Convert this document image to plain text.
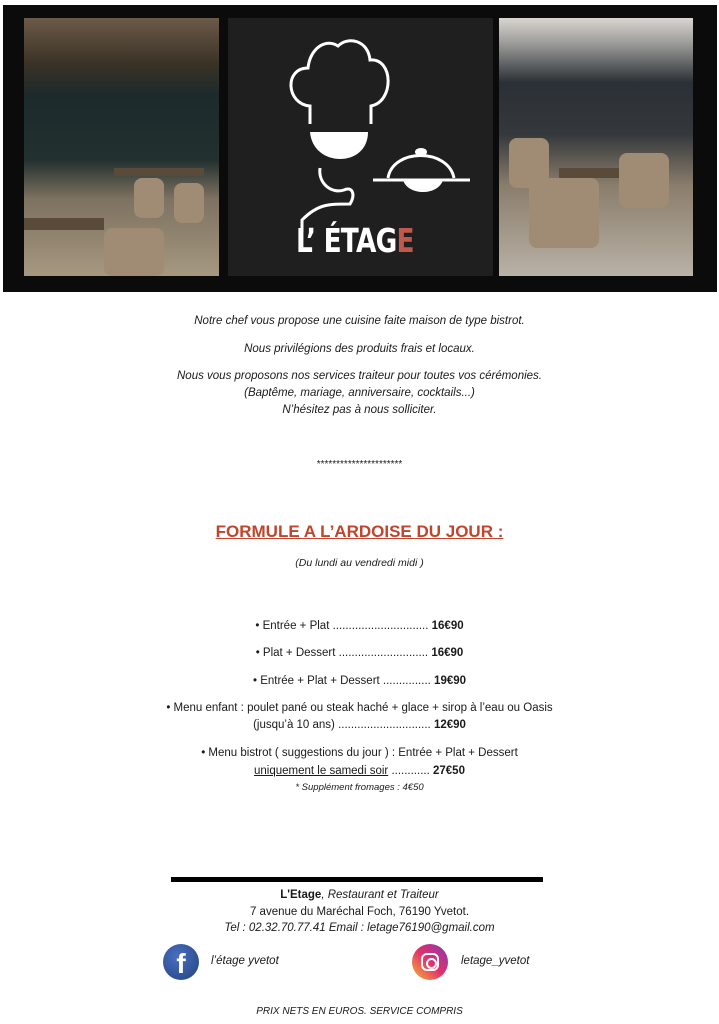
L’ ÉTAGE
Notre chef vous propose une cuisine faite maison de type bistrot.
Nous privilégions des produits frais et locaux.
Nous vous proposons nos services traiteur pour toutes vos cérémonies.
(Baptême, mariage, anniversaire, cocktails...)
N’hésitez pas à nous solliciter.
**********************
FORMULE A L’ARDOISE DU JOUR :
(Du lundi au vendredi midi )
• Entrée + Plat .............................. 16€90
• Plat + Dessert ............................ 16€90
• Entrée + Plat + Dessert ............... 19€90
• Menu enfant : poulet pané ou steak haché + glace + sirop à l’eau ou Oasis
(jusqu’à 10 ans) ............................. 12€90
• Menu bistrot ( suggestions du jour ) : Entrée + Plat + Dessert
uniquement le samedi soir ............ 27€50
* Supplément fromages : 4€50
L'Etage, Restaurant et Traiteur
7 avenue du Maréchal Foch, 76190 Yvetot.
Tel : 02.32.70.77.41 Email : letage76190@gmail.com
f	l’étage yvetot	letage_yvetot
PRIX NETS EN EUROS. SERVICE COMPRIS
